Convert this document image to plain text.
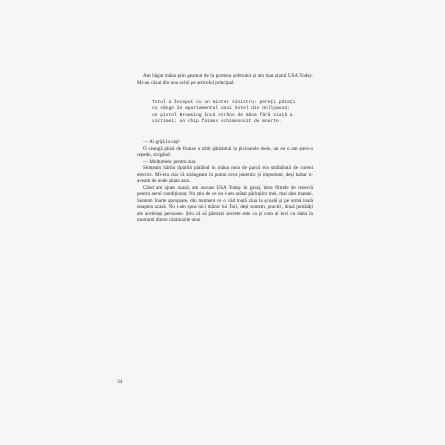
Am băgat mâna prin geamul de la portiera șoferului și am luat ziarul USA Today. Mi-au căzut din nou ochii pe articolul principal.

Totul a început cu un mister sinistru: pereți pătați cu sânge în apartamentul unui hotel din Hollywood; un pistol Browning încă strâns de mâna fără viață a victimei; un chip faimos schimonosit de moarte.

— Ai grijă la cap!

O ceangă plină de frunze a izbit pământul la picioarele mele, iar eu o am șters-o repede, strigând:

— Mulțumesc pentru ziar.

Simțeam hârtia tipărită pârâind în mâna mea de parcă era străbătută de curent electric. Mi-era clar că strângeam în pumn ceva puternic și important, deși habar n-aveam de unde știam asta.

Când am ajuns acasă, am ascuns USA Today în garaj, între filtrele de rezervă pentru aerul condiționat. Nu știu de ce nu l-am arătat părinților mei, mai ales mamei. Suntem foarte apropiate, din moment ce o văd toată ziua la școală și pe urmă toată noaptea acasă. Nu i-am spus nici măcar lui Tori, deși suntem, practic, două jumătăți ale aceleiași persoane. Știu că să păstrezi secrete este ca și cum ai lovi cu dalta în mortarul dintre cărămizile unui

34
